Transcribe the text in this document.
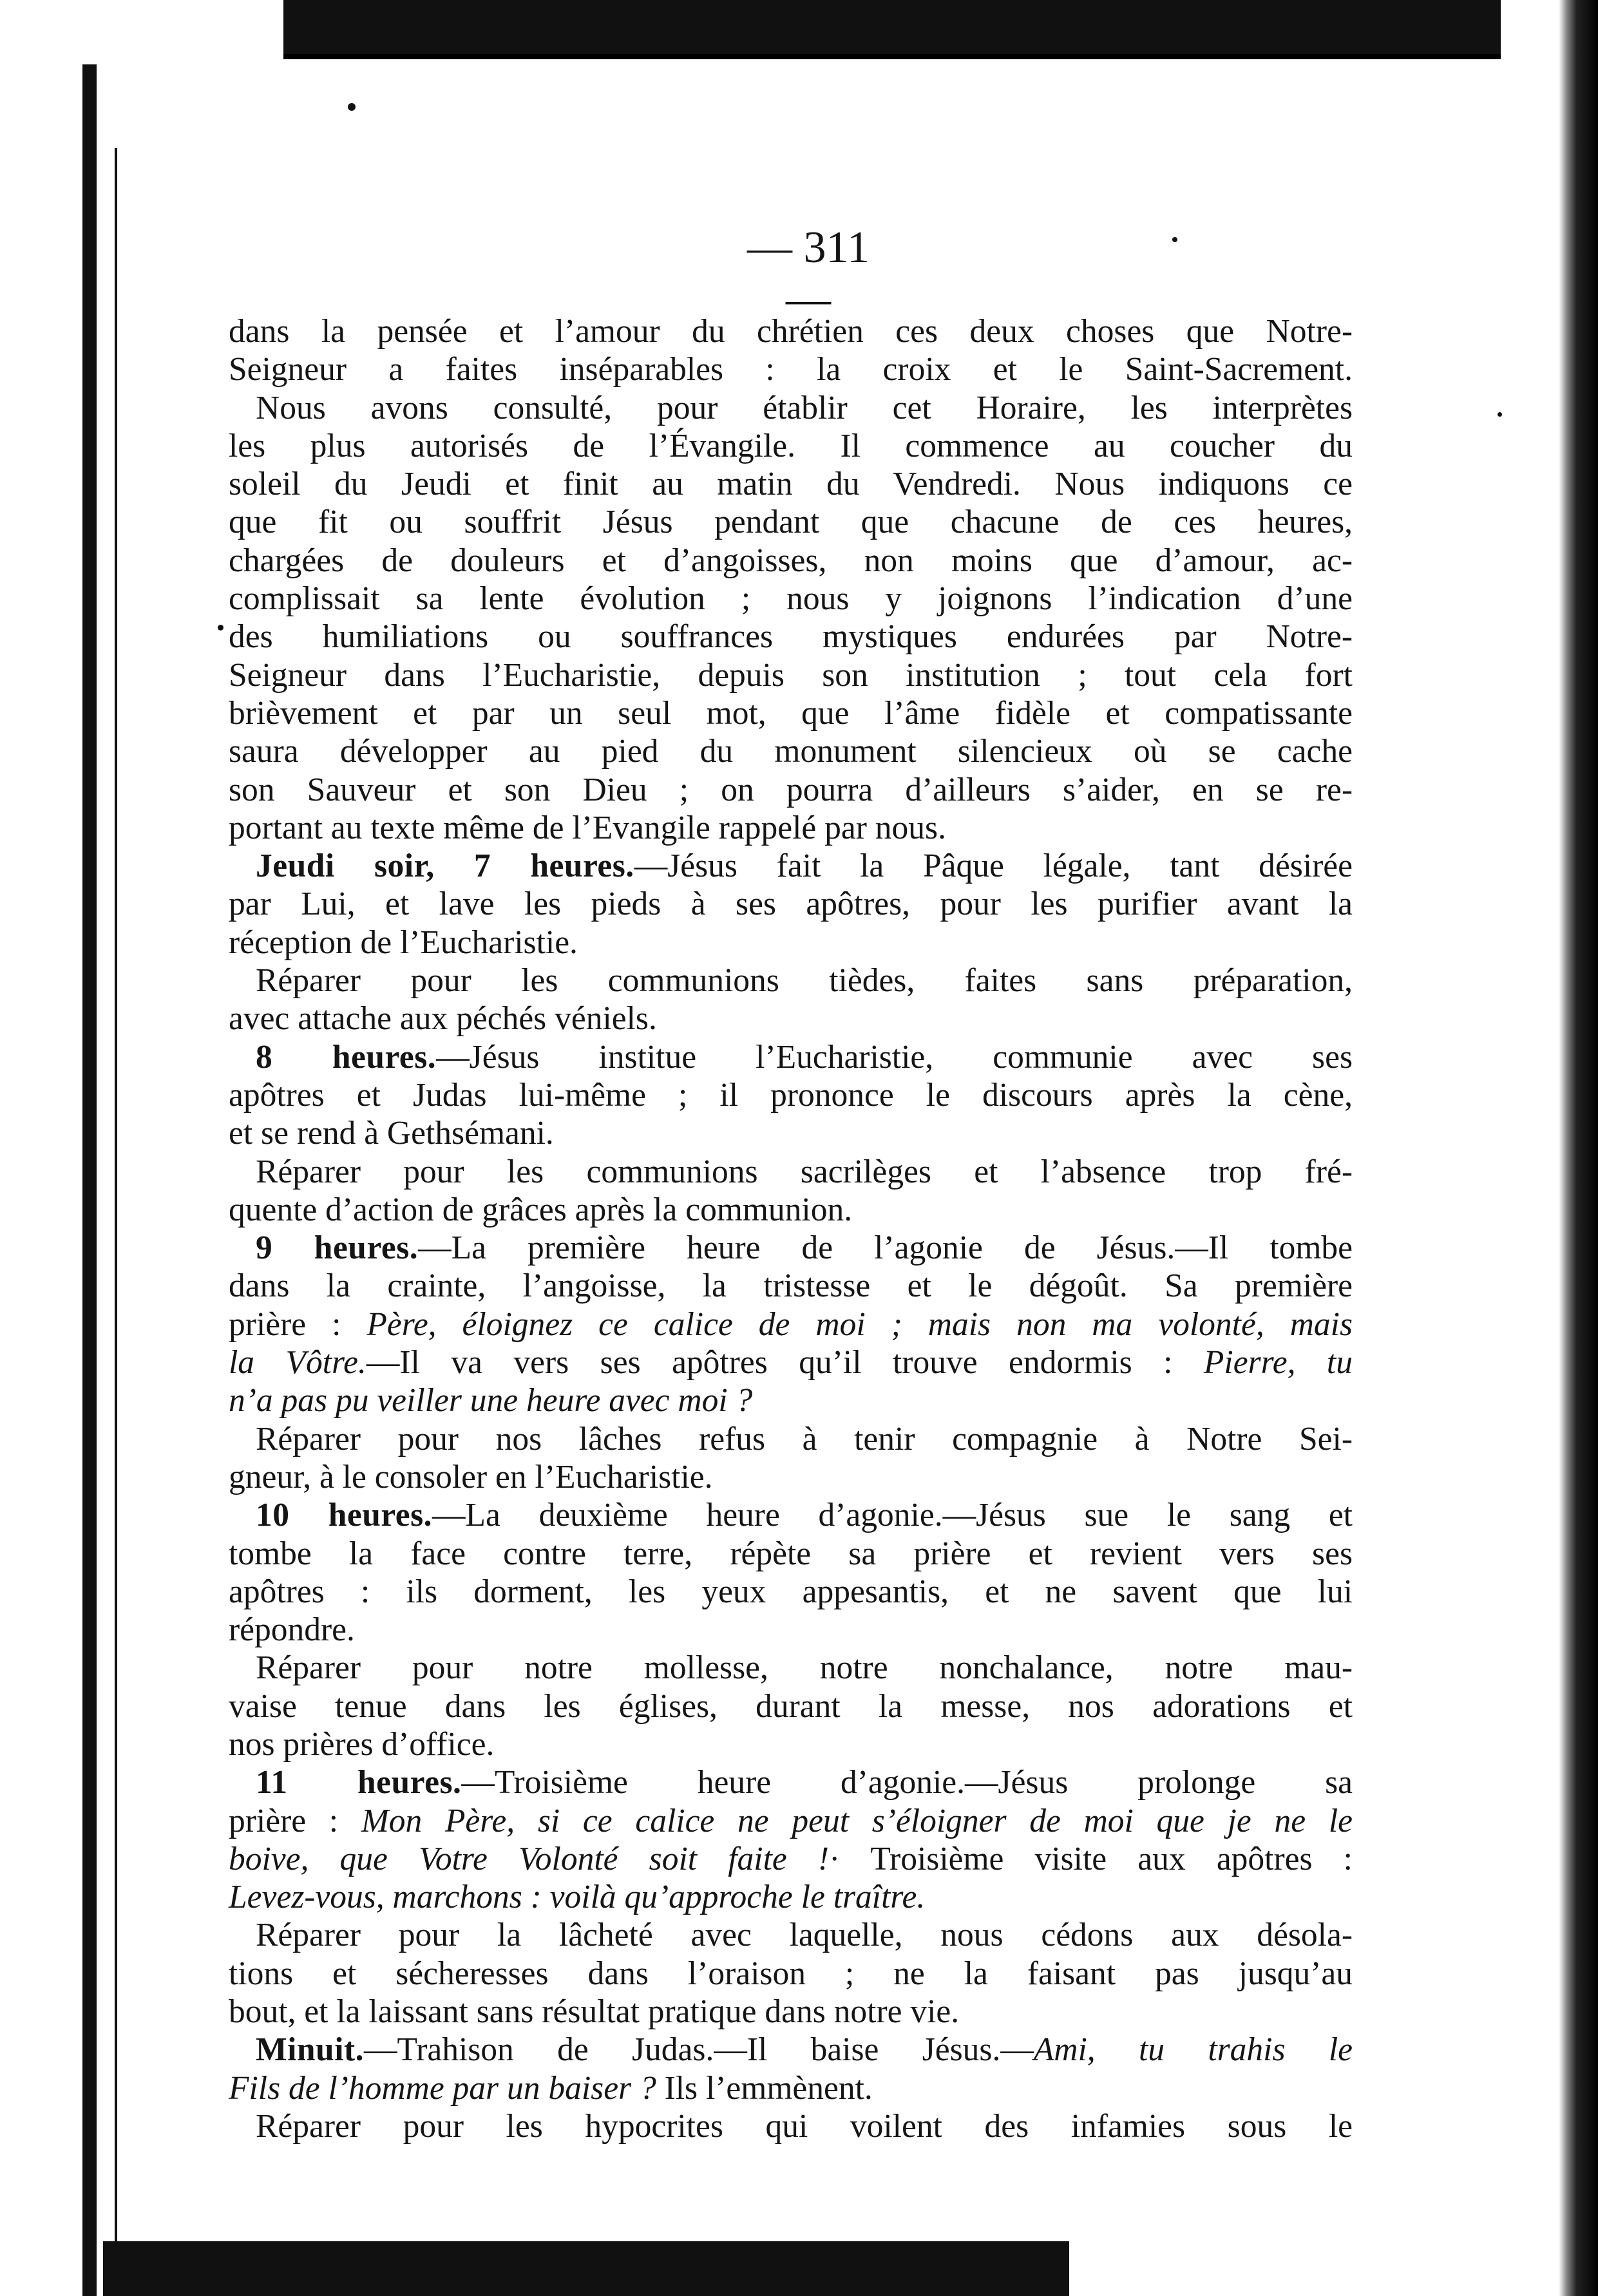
— 311 —

dans la pensée et l’amour du chrétien ces deux choses que Notre-

Seigneur a faites inséparables : la croix et le Saint-Sacrement.

Nous avons consulté, pour établir cet Horaire, les interprètes

les plus autorisés de l’Évangile. Il commence au coucher du

soleil du Jeudi et finit au matin du Vendredi. Nous indiquons ce

que fit ou souffrit Jésus pendant que chacune de ces heures,

chargées de douleurs et d’angoisses, non moins que d’amour, ac-

complissait sa lente évolution ; nous y joignons l’indication d’une

des humiliations ou souffrances mystiques endurées par Notre-

Seigneur dans l’Eucharistie, depuis son institution ; tout cela fort

brièvement et par un seul mot, que l’âme fidèle et compatissante

saura développer au pied du monument silencieux où se cache

son Sauveur et son Dieu ; on pourra d’ailleurs s’aider, en se re-

portant au texte même de l’Evangile rappelé par nous.

Jeudi soir, 7 heures.—Jésus fait la Pâque légale, tant désirée

par Lui, et lave les pieds à ses apôtres, pour les purifier avant la

réception de l’Eucharistie.

Réparer pour les communions tièdes, faites sans préparation,

avec attache aux péchés véniels.

8 heures.—Jésus institue l’Eucharistie, communie avec ses

apôtres et Judas lui-même ; il prononce le discours après la cène,

et se rend à Gethsémani.

Réparer pour les communions sacrilèges et l’absence trop fré-

quente d’action de grâces après la communion.

9 heures.—La première heure de l’agonie de Jésus.—Il tombe

dans la crainte, l’angoisse, la tristesse et le dégoût. Sa première

prière : Père, éloignez ce calice de moi ; mais non ma volonté, mais

la Vôtre.—Il va vers ses apôtres qu’il trouve endormis : Pierre, tu

n’a pas pu veiller une heure avec moi ?

Réparer pour nos lâches refus à tenir compagnie à Notre Sei-

gneur, à le consoler en l’Eucharistie.

10 heures.—La deuxième heure d’agonie.—Jésus sue le sang et

tombe la face contre terre, répète sa prière et revient vers ses

apôtres : ils dorment, les yeux appesantis, et ne savent que lui

répondre.

Réparer pour notre mollesse, notre nonchalance, notre mau-

vaise tenue dans les églises, durant la messe, nos adorations et

nos prières d’office.

11 heures.—Troisième heure d’agonie.—Jésus prolonge sa

prière : Mon Père, si ce calice ne peut s’éloigner de moi que je ne le

boive, que Votre Volonté soit faite !· Troisième visite aux apôtres :

Levez-vous, marchons : voilà qu’approche le traître.

Réparer pour la lâcheté avec laquelle, nous cédons aux désola-

tions et sécheresses dans l’oraison ; ne la faisant pas jusqu’au

bout, et la laissant sans résultat pratique dans notre vie.

Minuit.—Trahison de Judas.—Il baise Jésus.—Ami, tu trahis le

Fils de l’homme par un baiser ? Ils l’emmènent.

Réparer pour les hypocrites qui voilent des infamies sous le
